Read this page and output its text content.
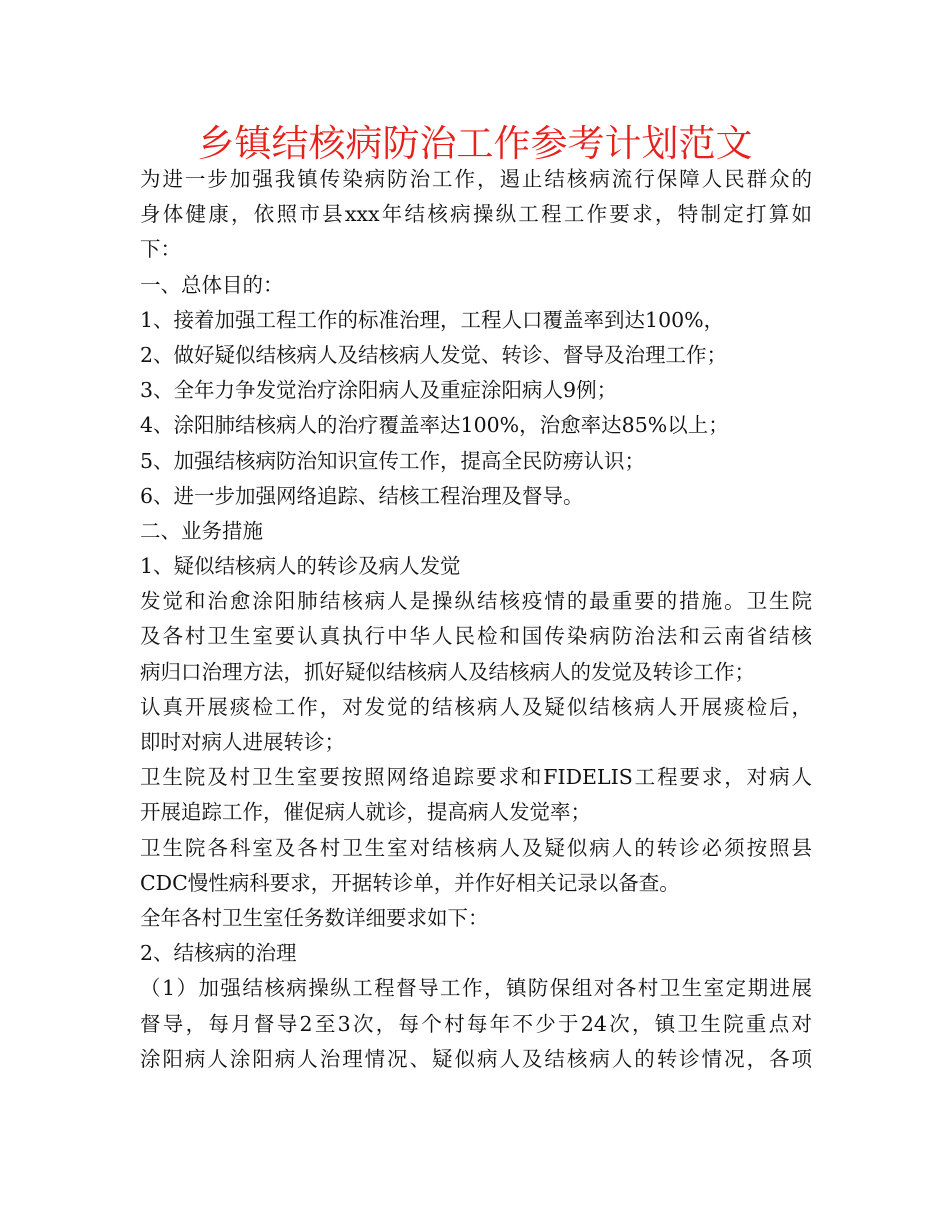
乡镇结核病防治工作参考计划范文

为进一步加强我镇传染病防治工作，遏止结核病流行保障人民群众的

身体健康，依照市县xxx年结核病操纵工程工作要求，特制定打算如

下：

一、总体目的：

1、接着加强工程工作的标准治理，工程人口覆盖率到达100%，

2、做好疑似结核病人及结核病人发觉、转诊、督导及治理工作；

3、全年力争发觉治疗涂阳病人及重症涂阳病人9例；

4、涂阳肺结核病人的治疗覆盖率达100%，治愈率达85%以上；

5、加强结核病防治知识宣传工作，提高全民防痨认识；

6、进一步加强网络追踪、结核工程治理及督导。

二、业务措施

1、疑似结核病人的转诊及病人发觉

发觉和治愈涂阳肺结核病人是操纵结核疫情的最重要的措施。卫生院

及各村卫生室要认真执行中华人民检和国传染病防治法和云南省结核

病归口治理方法，抓好疑似结核病人及结核病人的发觉及转诊工作；

认真开展痰检工作，对发觉的结核病人及疑似结核病人开展痰检后，

即时对病人进展转诊；

卫生院及村卫生室要按照网络追踪要求和FIDELIS工程要求，对病人

开展追踪工作，催促病人就诊，提高病人发觉率；

卫生院各科室及各村卫生室对结核病人及疑似病人的转诊必须按照县

CDC慢性病科要求，开据转诊单，并作好相关记录以备查。

全年各村卫生室任务数详细要求如下：

2、结核病的治理

（1）加强结核病操纵工程督导工作，镇防保组对各村卫生室定期进展

督导，每月督导2至3次，每个村每年不少于24次，镇卫生院重点对

涂阳病人涂阳病人治理情况、疑似病人及结核病人的转诊情况，各项
